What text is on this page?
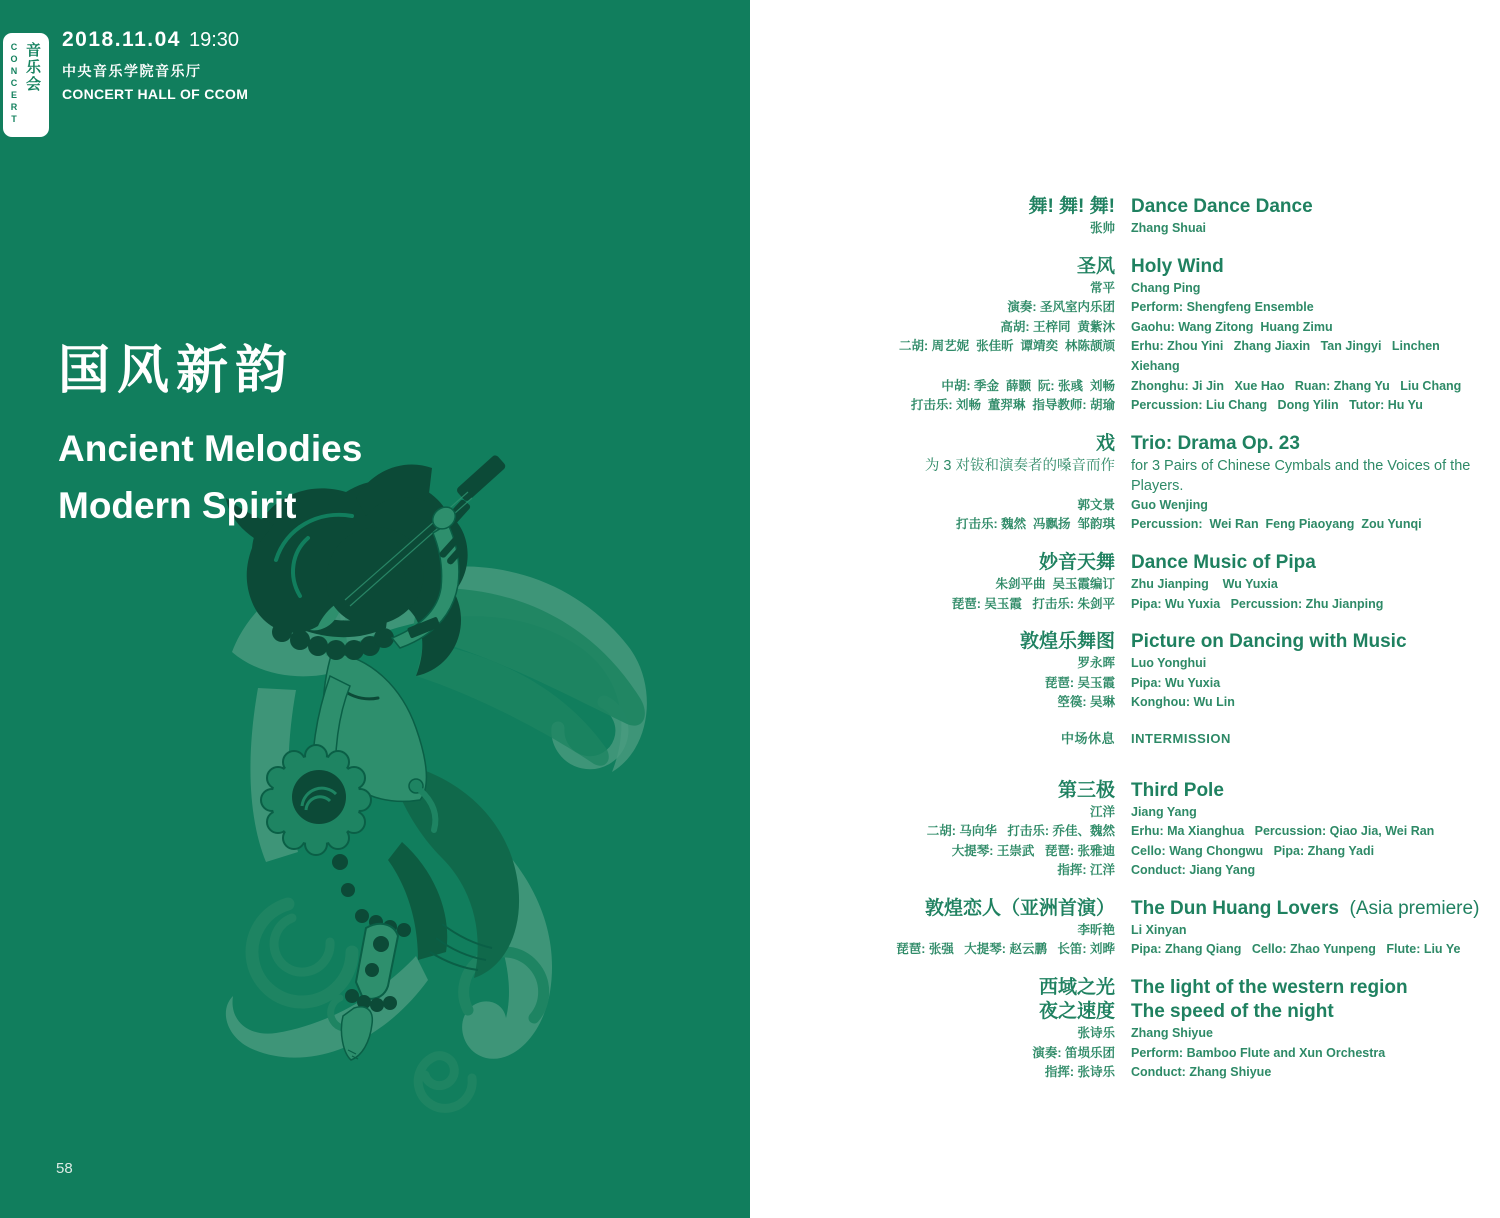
CONCERT 音乐会
2018.11.04 19:30
中央音乐学院音乐厅
CONCERT HALL OF CCOM
国风新韵
Ancient Melodies
Modern Spirit
58
舞! 舞! 舞! Dance Dance Dance
张帅 Zhang Shuai
圣风 Holy Wind
常平 Chang Ping
演奏: 圣风室内乐团 Perform: Shengfeng Ensemble
高胡: 王梓同  黄紫沐 Gaohu: Wang Zitong  Huang Zimu
二胡: 周艺妮  张佳昕  谭靖奕  林陈颉颃 Erhu: Zhou Yini   Zhang Jiaxin   Tan Jingyi   Linchen Xiehang
中胡: 季金  薛颢  阮: 张彧  刘畅 Zhonghu: Ji Jin   Xue Hao   Ruan: Zhang Yu   Liu Chang
打击乐: 刘畅  董羿琳  指导教师: 胡瑜 Percussion: Liu Chang   Dong Yilin   Tutor: Hu Yu
戏 Trio: Drama Op. 23
为 3 对钹和演奏者的嗓音而作 for 3 Pairs of Chinese Cymbals and the Voices of the Players.
郭文景 Guo Wenjing
打击乐: 魏然  冯飘扬  邹韵琪 Percussion:  Wei Ran  Feng Piaoyang  Zou Yunqi
妙音天舞 Dance Music of Pipa
朱剑平曲  吴玉霞编订 Zhu Jianping    Wu Yuxia
琵琶: 吴玉霞   打击乐: 朱剑平 Pipa: Wu Yuxia   Percussion: Zhu Jianping
敦煌乐舞图 Picture on Dancing with Music
罗永晖 Luo Yonghui
琵琶: 吴玉霞 Pipa: Wu Yuxia
箜篌: 吴琳 Konghou: Wu Lin
中场休息 INTERMISSION
第三极 Third Pole
江洋 Jiang Yang
二胡: 马向华   打击乐: 乔佳、魏然 Erhu: Ma Xianghua   Percussion: Qiao Jia, Wei Ran
大提琴: 王崇武   琵琶: 张雅迪 Cello: Wang Chongwu   Pipa: Zhang Yadi
指挥: 江洋 Conduct: Jiang Yang
敦煌恋人（亚洲首演） The Dun Huang Lovers  (Asia premiere)
李昕艳 Li Xinyan
琵琶: 张强   大提琴: 赵云鹏   长笛: 刘晔 Pipa: Zhang Qiang   Cello: Zhao Yunpeng   Flute: Liu Ye
西域之光 The light of the western region
夜之速度 The speed of the night
张诗乐 Zhang Shiyue
演奏: 笛埙乐团 Perform: Bamboo Flute and Xun Orchestra
指挥: 张诗乐 Conduct: Zhang Shiyue
